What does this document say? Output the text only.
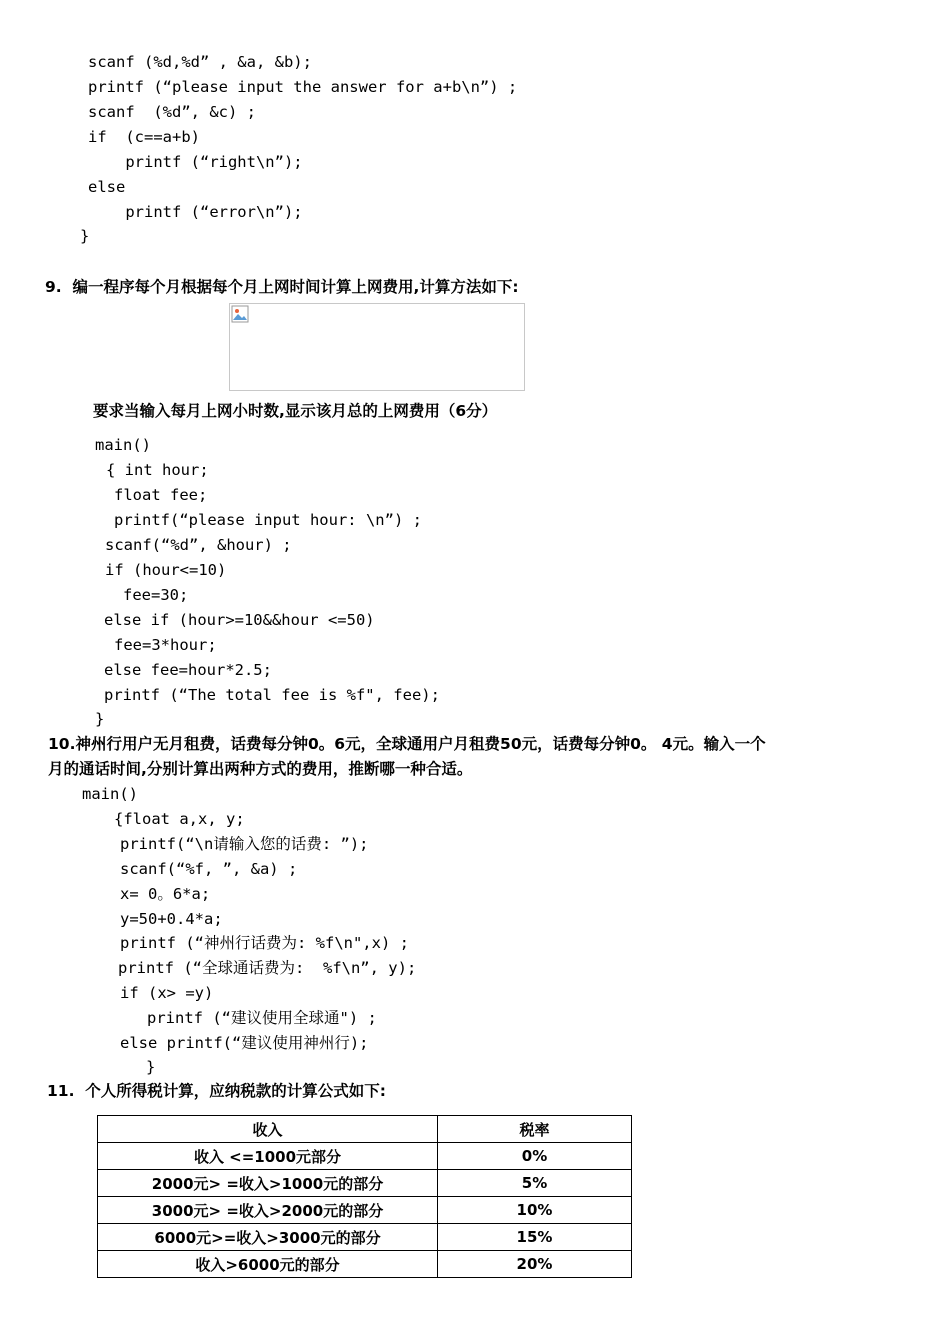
scanf (%d,%d” , &a, &b);
printf (“please input the answer for a+b\n”) ;
scanf  (%d”, &c) ;
if  (c==a+b)
printf (“right\n”);
else
printf (“error\n”);
}
9.  编一程序每个月根据每个月上网时间计算上网费用,计算方法如下:
要求当输入每月上网小时数,显示该月总的上网费用（6分）
main()
{ int hour;
float fee;
printf(“please input hour: \n”) ;
scanf(“%d”, &hour) ;
if (hour<=10)
fee=30;
else if (hour>=10&&hour <=50)
fee=3*hour;
else fee=hour*2.5;
printf (“The total fee is %f", fee);
}
10.神州行用户无月租费，话费每分钟0。6元，全球通用户月租费50元，话费每分钟0。 4元。输入一个
月的通话时间,分别计算出两种方式的费用，推断哪一种合适。
main()
{float a,x, y;
printf(“\n请输入您的话费: ”);
scanf(“%f, ”, &a) ;
x= 0。6*a;
y=50+0.4*a;
printf (“神州行话费为: %f\n",x) ;
printf (“全球通话费为:  %f\n”, y);
if (x> =y)
printf (“建议使用全球通") ;
else printf(“建议使用神州行);
}
11.  个人所得税计算，应纳税款的计算公式如下:
收入	税率
收入 <=1000元部分	0%
2000元> =收入>1000元的部分	5%
3000元> =收入>2000元的部分	10%
6000元>=收入>3000元的部分	15%
收入>6000元的部分	20%
